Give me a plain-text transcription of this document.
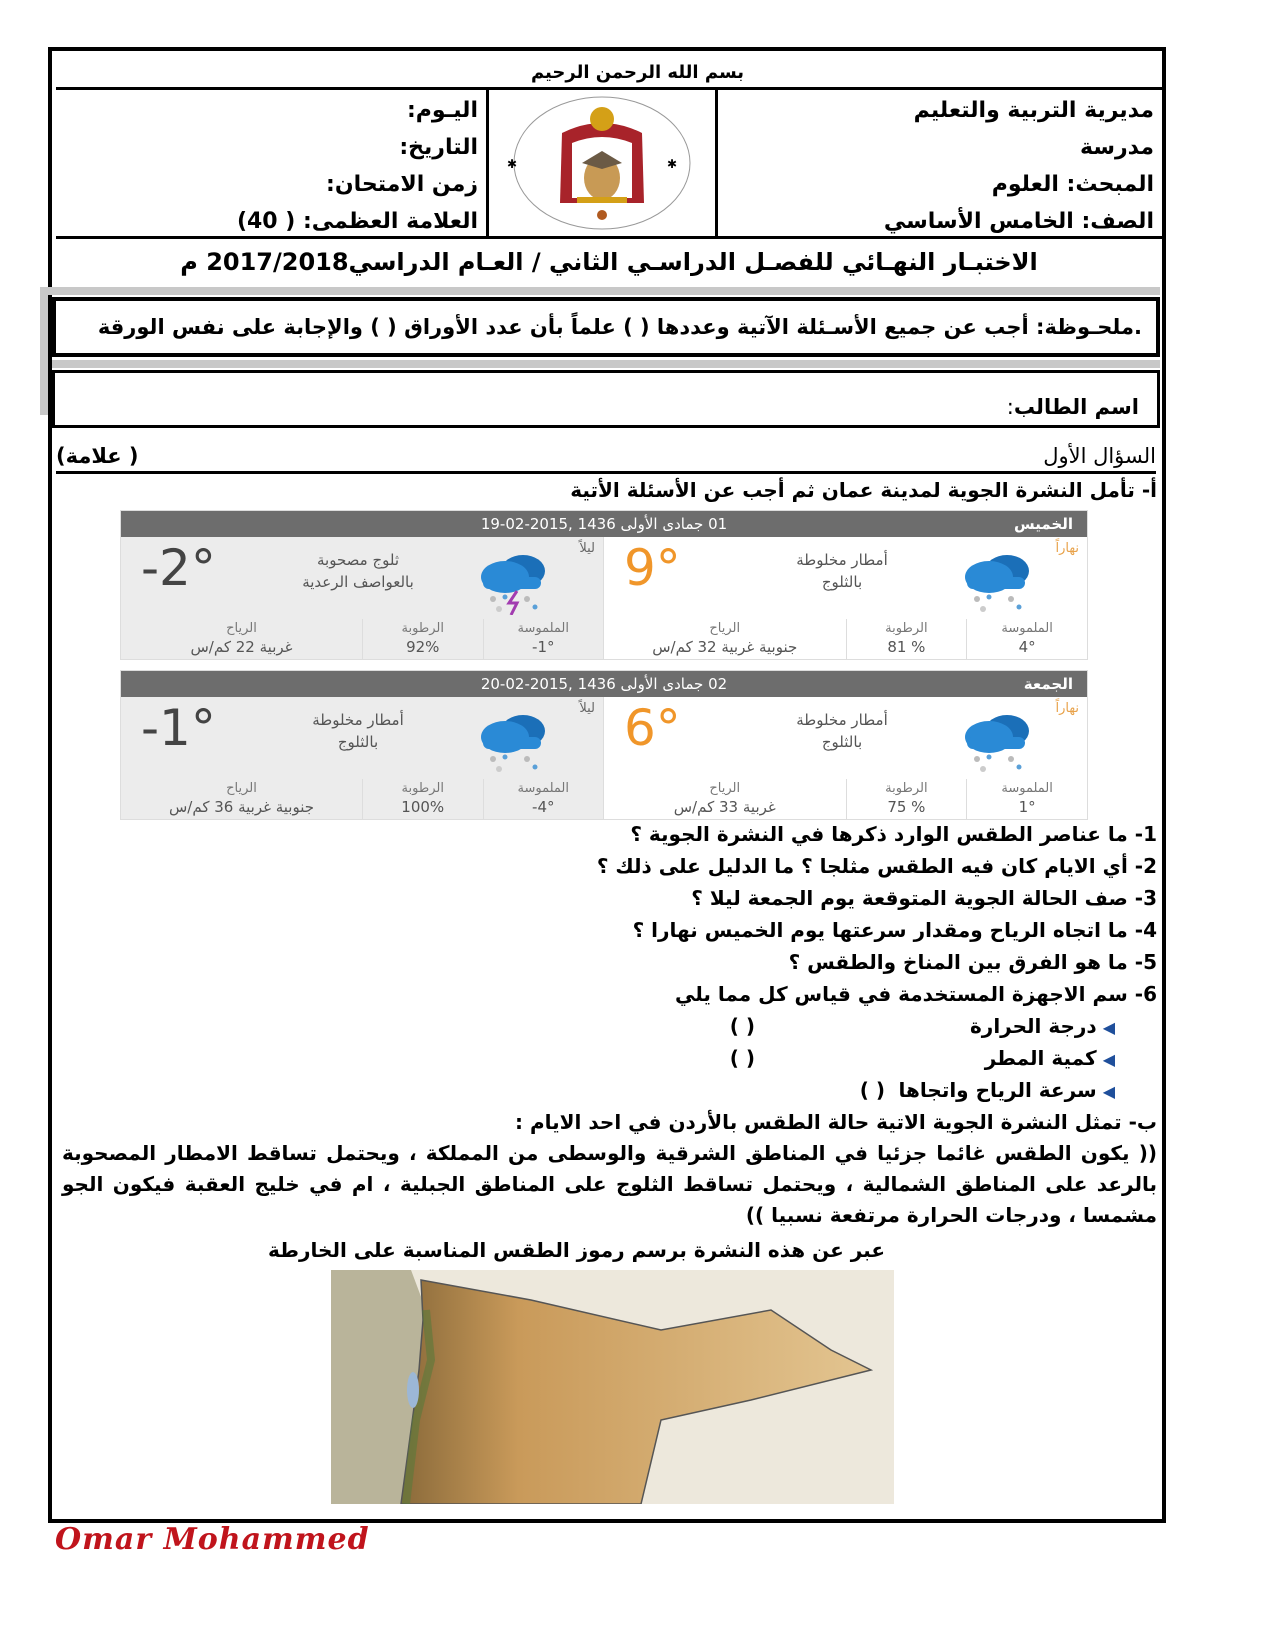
بسم الله الرحمن الرحيم
مديرية التربية والتعليم
مدرسة
المبحث: العلوم
الصف: الخامس الأساسي
✱	✱
اليـوم:
التاريخ:
زمن الامتحان:
العلامة العظمى: ( 40)
الاختبـار النهـائي للفصـل الدراسـي الثاني / العـام الدراسي2017/2018 م
.ملحـوظة: أجب عن جميع الأسـئلة الآتية وعددها ( ) علماً بأن عدد الأوراق ( ) والإجابة على نفس الورقة
اسم الطالب:
السؤال الأول
( علامة)
أ- تأمل النشرة الجوية لمدينة عمان ثم أجب عن الأسئلة الأتية
الخميس
01 جمادى الأولى 1436 ,2015-02-19
نهاراً
أمطار مخلوطة
بالثلوج
9°
الملموسة
4°
الرطوبة
% 81
الرياح
جنوبية غربية 32 كم/س
ليلاً
ثلوج مصحوبة
بالعواصف الرعدية
-2°
الملموسة
1°-
الرطوبة
92%
الرياح
غربية 22 كم/س
الجمعة
02 جمادى الأولى 1436 ,2015-02-20
نهاراً
أمطار مخلوطة
بالثلوج
6°
الملموسة
1°
الرطوبة
% 75
الرياح
غربية 33 كم/س
ليلاً
أمطار مخلوطة
بالثلوج
-1°
الملموسة
4°-
الرطوبة
100%
الرياح
جنوبية غربية 36 كم/س
1- ما عناصر الطقس الوارد ذكرها في النشرة الجوية ؟
2- أي الايام كان فيه الطقس مثلجا ؟ ما الدليل على ذلك ؟
3- صف الحالة الجوية المتوقعة يوم الجمعة ليلا ؟
4- ما اتجاه الرياح ومقدار سرعتها يوم الخميس نهارا ؟
5- ما هو الفرق بين المناخ والطقس ؟
6- سم الاجهزة المستخدمة في قياس كل مما يلي
◀درجة الحرارة
( )
◀كمية المطر
( )
◀سرعة الرياح واتجاها
( )
ب- تمثل النشرة الجوية الاتية حالة الطقس بالأردن في احد الايام :
(( يكون الطقس غائما جزئيا في المناطق الشرقية والوسطى من المملكة ، ويحتمل تساقط الامطار المصحوبة بالرعد على المناطق الشمالية ، ويحتمل تساقط الثلوج على المناطق الجبلية ، ام في خليج العقبة فيكون الجو مشمسا ، ودرجات الحرارة مرتفعة نسبيا ))
عبر عن هذه النشرة برسم رموز الطقس المناسبة على الخارطة
Omar Mohammed
